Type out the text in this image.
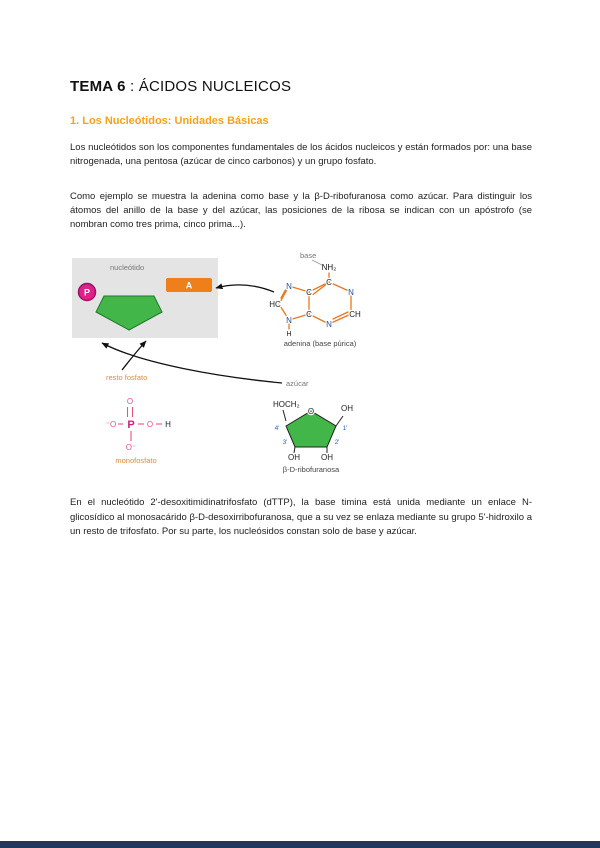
TEMA 6 : ÁCIDOS NUCLEICOS
1. Los Nucleótidos: Unidades Básicas

Los nucleótidos son los componentes fundamentales de los ácidos nucleicos y están formados por: una base nitrogenada, una pentosa (azúcar de cinco carbonos) y un grupo fosfato.

Como ejemplo se muestra la adenina como base y la β-D-ribofuranosa como azúcar. Para distinguir los átomos del anillo de la base y del azúcar, las posiciones de la ribosa se indican con un apóstrofo (se nombran como tres prima, cinco prima...).

nucleótido
A
P
NH₂
C
C
C
N
N
N
N
H
CH
HC
base
adenina (base púrica)
resto fosfato
O
⁻O P O H
O⁻
monofosfato
azúcar
HOCH₂
O	OH
OH	OH
4'	1'
3'	2'
β-D-ribofuranosa

En el nucleótido 2'-desoxitimidinatrifosfato (dTTP), la base timina está unida mediante un enlace N-glicosídico al monosacárido β-D-desoxirribofuranosa, que a su vez se enlaza mediante su grupo 5'-hidroxilo a un resto de trifosfato. Por su parte, los nucleósidos constan solo de base y azúcar.
